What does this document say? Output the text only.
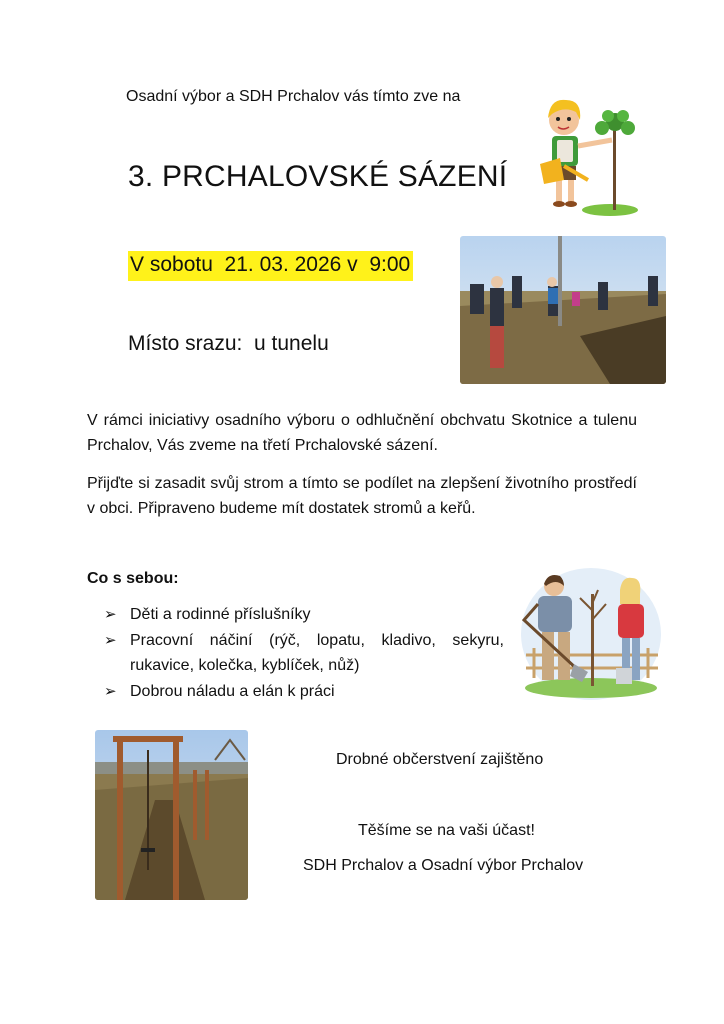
Osadní výbor a SDH Prchalov vás tímto zve na
3. PRCHALOVSKÉ SÁZENÍ
V sobotu  21. 03. 2026 v  9:00
Místo srazu:  u tunelu
V rámci iniciativy osadního výboru o odhlučnění obchvatu Skotnice a tulenu Prchalov, Vás zveme na třetí Prchalovské sázení.
Přijďte si zasadit svůj strom a tímto se podílet na zlepšení životního prostředí v obci. Připraveno budeme mít dostatek stromů a keřů.
Co s sebou:
➢ Děti a rodinné příslušníky
➢ Pracovní náčiní (rýč, lopatu, kladivo, sekyru, rukavice, kolečka, kyblíček, nůž)
➢ Dobrou náladu a elán k práci
Drobné občerstvení zajištěno
Těšíme se na vaši účast!
SDH Prchalov a Osadní výbor Prchalov
